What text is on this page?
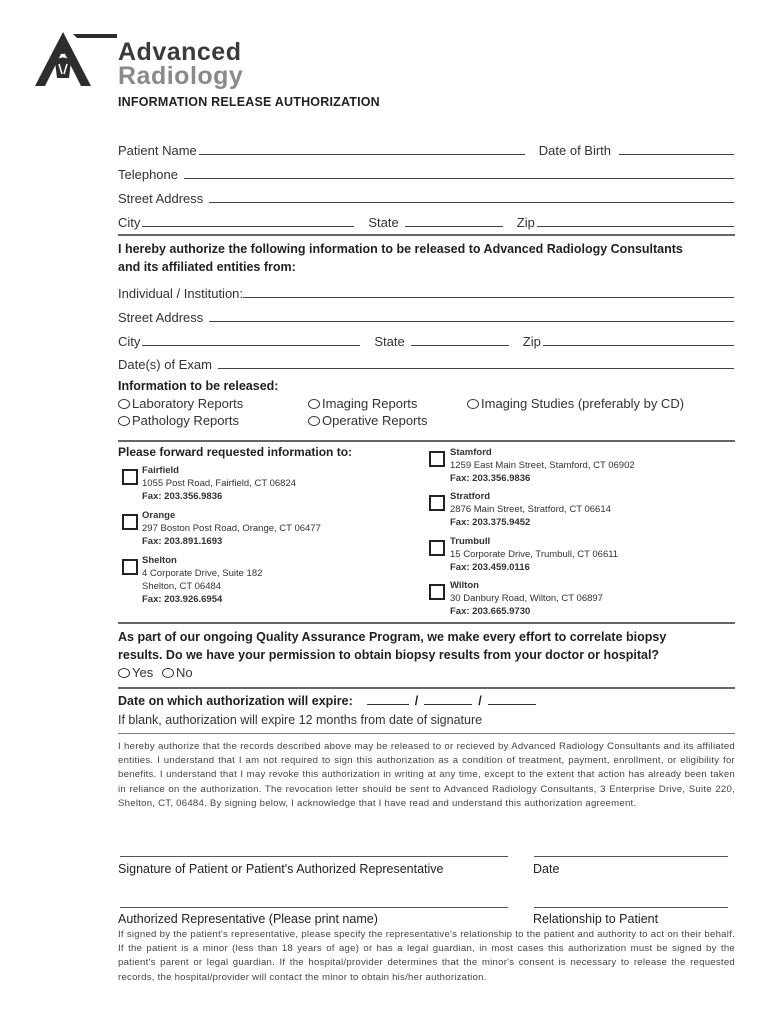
Advanced
Radiology
INFORMATION RELEASE AUTHORIZATION
Patient Name	Date of Birth
Telephone
Street Address
City	State	Zip
I hereby authorize the following information to be released to Advanced Radiology Consultants
and its affiliated entities from:
Individual / Institution:
Street Address
City	State	Zip
Date(s) of Exam
Information to be released:
Laboratory Reports
Pathology Reports
Imaging Reports
Operative Reports
Imaging Studies (preferably by CD)
Please forward requested information to:
Fairfield
1055 Post Road, Fairfield, CT 06824
Fax: 203.356.9836
Orange
297 Boston Post Road, Orange, CT 06477
Fax: 203.891.1693
Shelton
4 Corporate Drive, Suite 182
Shelton, CT 06484
Fax: 203.926.6954
Stamford
1259 East Main Street, Stamford, CT 06902
Fax: 203.356.9836
Stratford
2876 Main Street, Stratford, CT 06614
Fax: 203.375.9452
Trumbull
15 Corporate Drive, Trumbull, CT 06611
Fax: 203.459.0116
Wilton
30 Danbury Road, Wilton, CT 06897
Fax: 203.665.9730
As part of our ongoing Quality Assurance Program, we make every effort to correlate biopsy
results. Do we have your permission to obtain biopsy results from your doctor or hospital?
Yes No
Date on which authorization will expire:	/	/
If blank, authorization will expire 12 months from date of signature
I hereby authorize that the records described above may be released to or recieved by Advanced Radiology Consultants and its affiliated entities. I understand that I am not required to sign this authorization as a condition of treatment, payment, enrollment, or eligibility for benefits. I understand that I may revoke this authorization in writing at any time, except to the extent that action has already been taken in reliance on the authorization. The revocation letter should be sent to Advanced Radiology Consultants, 3 Enterprise Drive, Suite 220, Shelton, CT, 06484. By signing below, I acknowledge that I have read and understand this authorization agreement.
Signature of Patient or Patient's Authorized Representative	Date
Authorized Representative (Please print name)	Relationship to Patient
If signed by the patient's representative, please specify the representative's relationship to the patient and authority to act on their behalf. If the patient is a minor (less than 18 years of age) or has a legal guardian, in most cases this authorization must be signed by the patient's parent or legal guardian. If the hospital/provider determines that the minor's consent is necessary to release the requested records, the hospital/provider will contact the minor to obtain his/her authorization.
